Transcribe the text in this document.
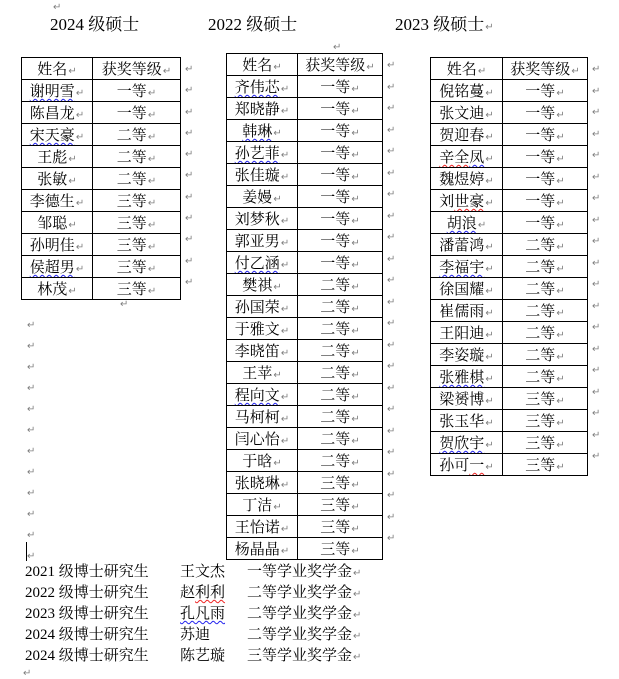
↵
↵
↵
↵
2024 级硕士	2022 级硕士	2023 级硕士↵
姓名↵	获奖等级↵
谢明雪↵	一等↵
陈昌龙↵	一等↵
宋天豪↵	二等↵
王彪↵	二等↵
张敏↵	二等↵
李德生↵	三等↵
邹聪↵	三等↵
孙明佳↵	三等↵
侯超男↵	三等↵
林茂↵	三等↵
姓名↵	获奖等级↵
齐伟芯↵	一等↵
郑晓静↵	一等↵
韩琳↵	一等↵
孙艺菲↵	一等↵
张佳璇↵	一等↵
姜嫚↵	一等↵
刘梦秋↵	一等↵
郭亚男↵	一等↵
付乙涵↵	一等↵
樊祺↵	二等↵
孙国荣↵	二等↵
于雅文↵	二等↵
李晓笛↵	二等↵
王苹↵	二等↵
程向文↵	二等↵
马柯柯↵	二等↵
闫心怡↵	二等↵
于晗↵	二等↵
张晓琳↵	三等↵
丁洁↵	三等↵
王怡诺↵	三等↵
杨晶晶↵	三等↵
姓名↵	获奖等级↵
倪铭蔓↵	一等↵
张文迪↵	一等↵
贺迎春↵	一等↵
辛全凤↵	一等↵
魏煜婷↵	一等↵
刘世豪↵	一等↵
胡浪↵	一等↵
潘蕾鸿↵	二等↵
李福宇↵	二等↵
徐国耀↵	二等↵
崔儒雨↵	二等↵
王阳迪↵	二等↵
李姿璇↵	二等↵
张雅棋↵	二等↵
梁赟博↵	三等↵
张玉华↵	三等↵
贺欣宇↵	三等↵
孙可一↵	三等↵
↵
↵
↵
↵
↵
↵
↵
↵
↵
↵
↵
↵
↵
↵
↵
↵
↵
↵
↵
↵
↵
↵
↵
↵
↵
↵
↵
↵
↵
↵
↵
↵
↵
↵
↵
↵
↵
↵
↵
↵
↵
↵
↵
↵
↵
↵
↵
↵
↵
↵
↵
↵
↵
↵
↵
↵
↵
↵
↵
↵
↵
↵
↵
↵
↵
2021 级博士研究生 王文杰 一等学业奖学金↵
2022 级博士研究生 赵利利 二等学业奖学金↵
2023 级博士研究生 孔凡雨 二等学业奖学金↵
2024 级博士研究生 苏迪 二等学业奖学金↵
2024 级博士研究生 陈艺璇 三等学业奖学金↵
